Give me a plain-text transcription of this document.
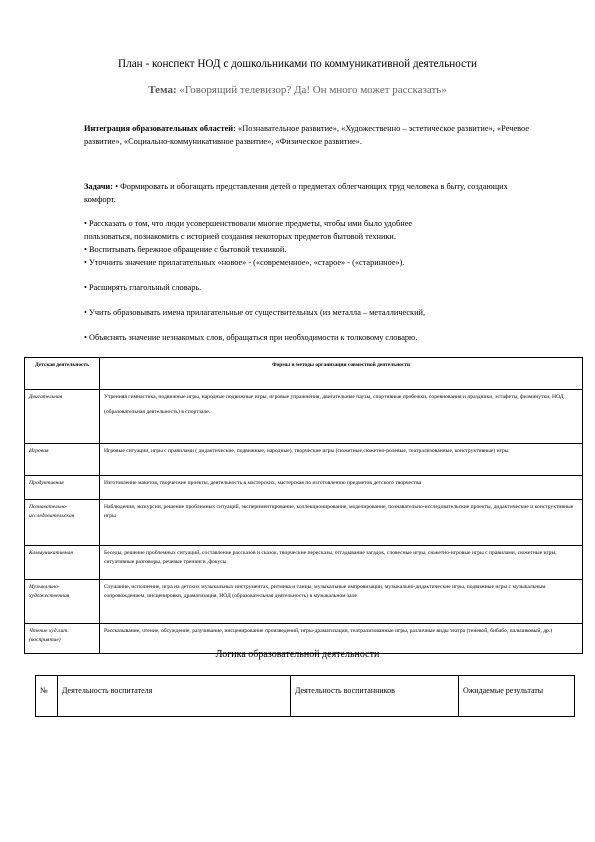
План - конспект НОД с дошкольниками по коммуникативной деятельности
Тема: «Говорящий телевизор? Да! Он много может рассказать»

Интеграция образовательных областей: «Познавательное развитие», «Художественно – эстетическое развитие», «Речевое развитие», «Социально-коммуникативное развитие», «Физическое развитие».

Задачи: • Формировать и обогащать представления детей о предметах облегчающих труд человека в быту, создающих комфорт.

• Рассказать о том, что люди усовершенствовали многие предметы, чтобы ими было удобнее
пользоваться, познакомить с историей создания некоторых предметов бытовой техники.
• Воспитывать бережное обращение с бытовой техникой.
• Уточнить значение прилагательных «новое» - («современное», «старое» - («старинное»).
• Расширять глагольный словарь.
• Учить образовывать имена прилагательные от существительных (из металла – металлический,
• Объяснять значение незнакомых слов, обращаться при необходимости к толковому словарю.
Детская деятельность	Формы и методы организации совместной деятельности
Двигательная	Утренняя гимнастика, подвижные игры, народные подвижные игры, игровые упражнения, двигательные паузы, спортивные пробежки, соревнования и праздники, эстафеты, физминутки, НОД
(образовательная деятельность) в спортзале.

Игровая	Игровые ситуации, игры с правилами ( дидактические, подвижные, народные), творческие игры (сюжетные,сюжетно-ролевые, театрализованные, конструктивные) игры
Продуктивная	Изготовление макетов, творческие проекты, деятельность в мастерских, мастерская по изготовлению предметов детского творчества
Познавательно-исследовательская	Наблюдения, экскурсии, решение проблемных ситуаций, экспериментирование, коллекционирование, моделирование, познавательно-исследовательские проекты, дидактические и конструктивные игры
Коммуникативная	Беседы, решение проблемных ситуаций, составление рассказов и сказок, творческие пересказы, отгадывание загадок, словесные игры, сюжетно-игровые игры с правилами, сюжетные игры, ситуативные разговоры, речевые тренинги ,фокусы
Музыкально-художественная	Слушание, исполнение, игра на детских музыкальных инструментах, ритмика и танцы, музыкальные импровизации, музыкально-дидактические игры, подвижные игры с музыкальным сопровождением, инсценировки, драматизация, НОД (образовательная деятельность) в музыкальном зале
Чтение худ.лит. (восприятие)	Рассказывание, чтение, обсуждение, разучивание, инсценирование произведений, игры-драматизации, театрализованные игры, различные виды театра (теневой, бибабо, пальчиковый, др.)
Логика образовательной деятельности
№	Деятельность воспитателя	Деятельность воспитанников	Ожидаемые результаты
